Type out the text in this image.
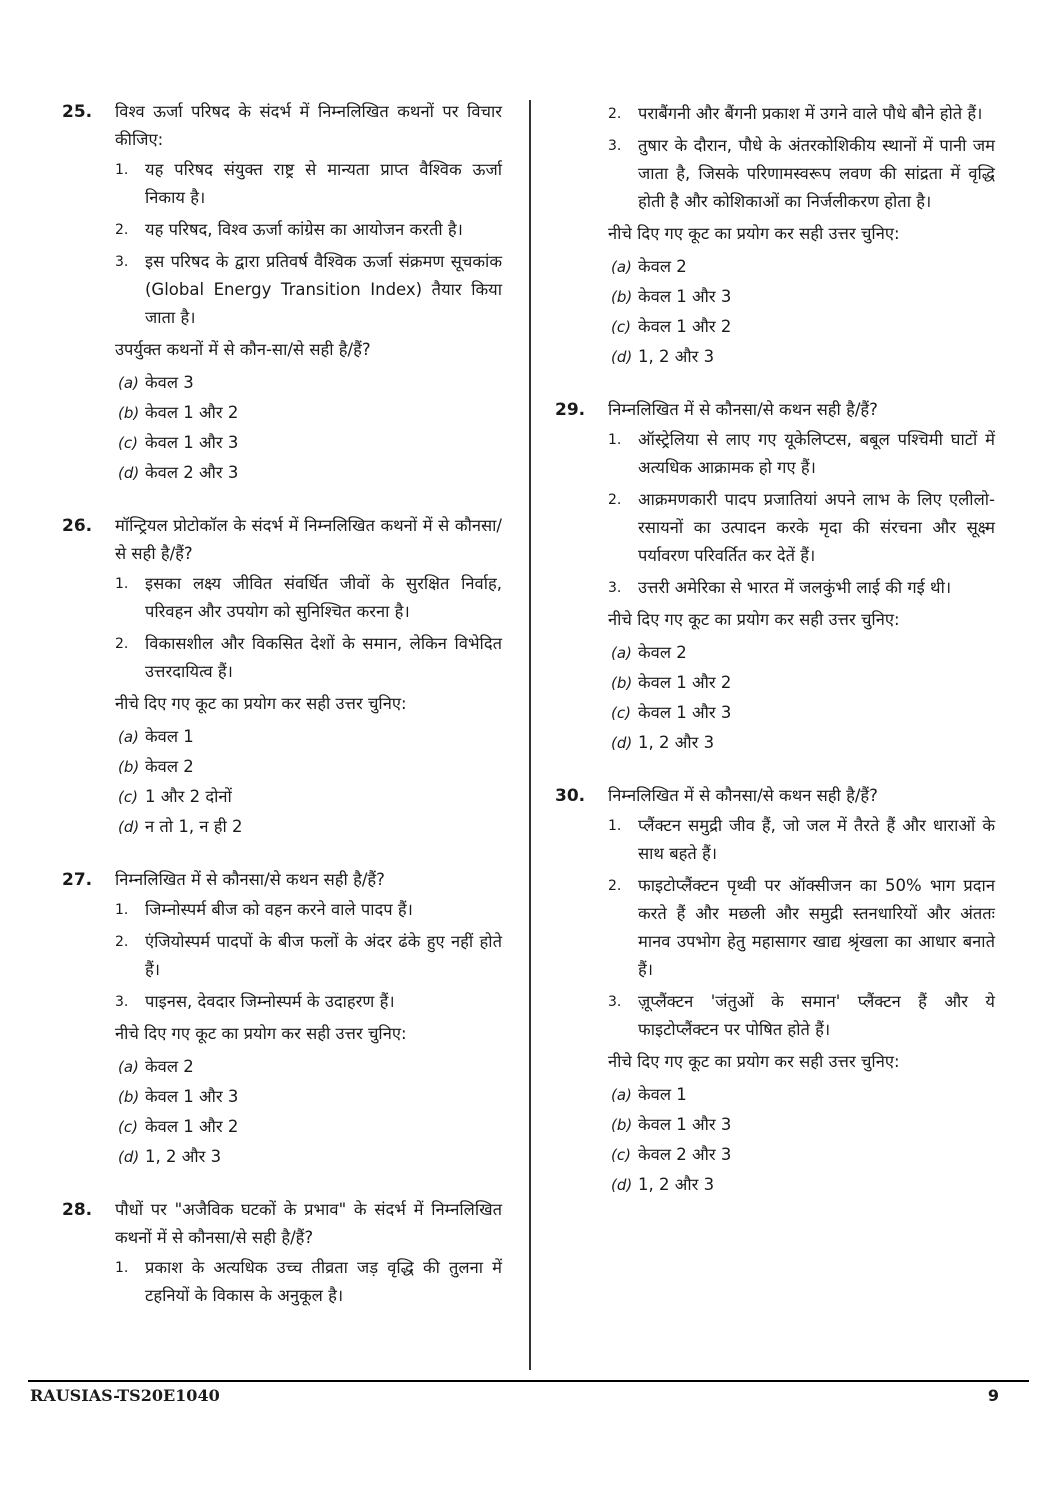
25. विश्व ऊर्जा परिषद के संदर्भ में निम्नलिखित कथनों पर विचार कीजिए:
1. यह परिषद संयुक्त राष्ट्र से मान्यता प्राप्त वैश्विक ऊर्जा निकाय है।
2. यह परिषद, विश्व ऊर्जा कांग्रेस का आयोजन करती है।
3. इस परिषद के द्वारा प्रतिवर्ष वैश्विक ऊर्जा संक्रमण सूचकांक (Global Energy Transition Index) तैयार किया जाता है।
उपर्युक्त कथनों में से कौन-सा/से सही है/हैं?
(a) केवल 3
(b) केवल 1 और 2
(c) केवल 1 और 3
(d) केवल 2 और 3
26. मॉन्ट्रियल प्रोटोकॉल के संदर्भ में निम्नलिखित कथनों में से कौनसा/से सही है/हैं?
1. इसका लक्ष्य जीवित संवर्धित जीवों के सुरक्षित निर्वाह, परिवहन और उपयोग को सुनिश्चित करना है।
2. विकासशील और विकसित देशों के समान, लेकिन विभेदित उत्तरदायित्व हैं।
नीचे दिए गए कूट का प्रयोग कर सही उत्तर चुनिए:
(a) केवल 1
(b) केवल 2
(c) 1 और 2 दोनों
(d) न तो 1, न ही 2
27. निम्नलिखित में से कौनसा/से कथन सही है/हैं?
1. जिम्नोस्पर्म बीज को वहन करने वाले पादप हैं।
2. एंजियोस्पर्म पादपों के बीज फलों के अंदर ढंके हुए नहीं होते हैं।
3. पाइनस, देवदार जिम्नोस्पर्म के उदाहरण हैं।
नीचे दिए गए कूट का प्रयोग कर सही उत्तर चुनिए:
(a) केवल 2
(b) केवल 1 और 3
(c) केवल 1 और 2
(d) 1, 2 और 3
28. पौधों पर "अजैविक घटकों के प्रभाव" के संदर्भ में निम्नलिखित कथनों में से कौनसा/से सही है/हैं?
1. प्रकाश के अत्यधिक उच्च तीव्रता जड़ वृद्धि की तुलना में टहनियों के विकास के अनुकूल है।
2. पराबैंगनी और बैंगनी प्रकाश में उगने वाले पौधे बौने होते हैं।
3. तुषार के दौरान, पौधे के अंतरकोशिकीय स्थानों में पानी जम जाता है, जिसके परिणामस्वरूप लवण की सांद्रता में वृद्धि होती है और कोशिकाओं का निर्जलीकरण होता है।
नीचे दिए गए कूट का प्रयोग कर सही उत्तर चुनिए:
(a) केवल 2
(b) केवल 1 और 3
(c) केवल 1 और 2
(d) 1, 2 और 3
29. निम्नलिखित में से कौनसा/से कथन सही है/हैं?
1. ऑस्ट्रेलिया से लाए गए यूकेलिप्टस, बबूल पश्चिमी घाटों में अत्यधिक आक्रामक हो गए हैं।
2. आक्रमणकारी पादप प्रजातियां अपने लाभ के लिए एलीलो-रसायनों का उत्पादन करके मृदा की संरचना और सूक्ष्म पर्यावरण परिवर्तित कर देतें हैं।
3. उत्तरी अमेरिका से भारत में जलकुंभी लाई की गई थी।
नीचे दिए गए कूट का प्रयोग कर सही उत्तर चुनिए:
(a) केवल 2
(b) केवल 1 और 2
(c) केवल 1 और 3
(d) 1, 2 और 3
30. निम्नलिखित में से कौनसा/से कथन सही है/हैं?
1. प्लैंक्टन समुद्री जीव हैं, जो जल में तैरते हैं और धाराओं के साथ बहते हैं।
2. फाइटोप्लैंक्टन पृथ्वी पर ऑक्सीजन का 50% भाग प्रदान करते हैं और मछली और समुद्री स्तनधारियों और अंततः मानव उपभोग हेतु महासागर खाद्य श्रृंखला का आधार बनाते हैं।
3. ज़ूप्लैंक्टन 'जंतुओं के समान' प्लैंक्टन हैं और ये फाइटोप्लैंक्टन पर पोषित होते हैं।
नीचे दिए गए कूट का प्रयोग कर सही उत्तर चुनिए:
(a) केवल 1
(b) केवल 1 और 3
(c) केवल 2 और 3
(d) 1, 2 और 3
RAUSIAS-TS20E1040	9
